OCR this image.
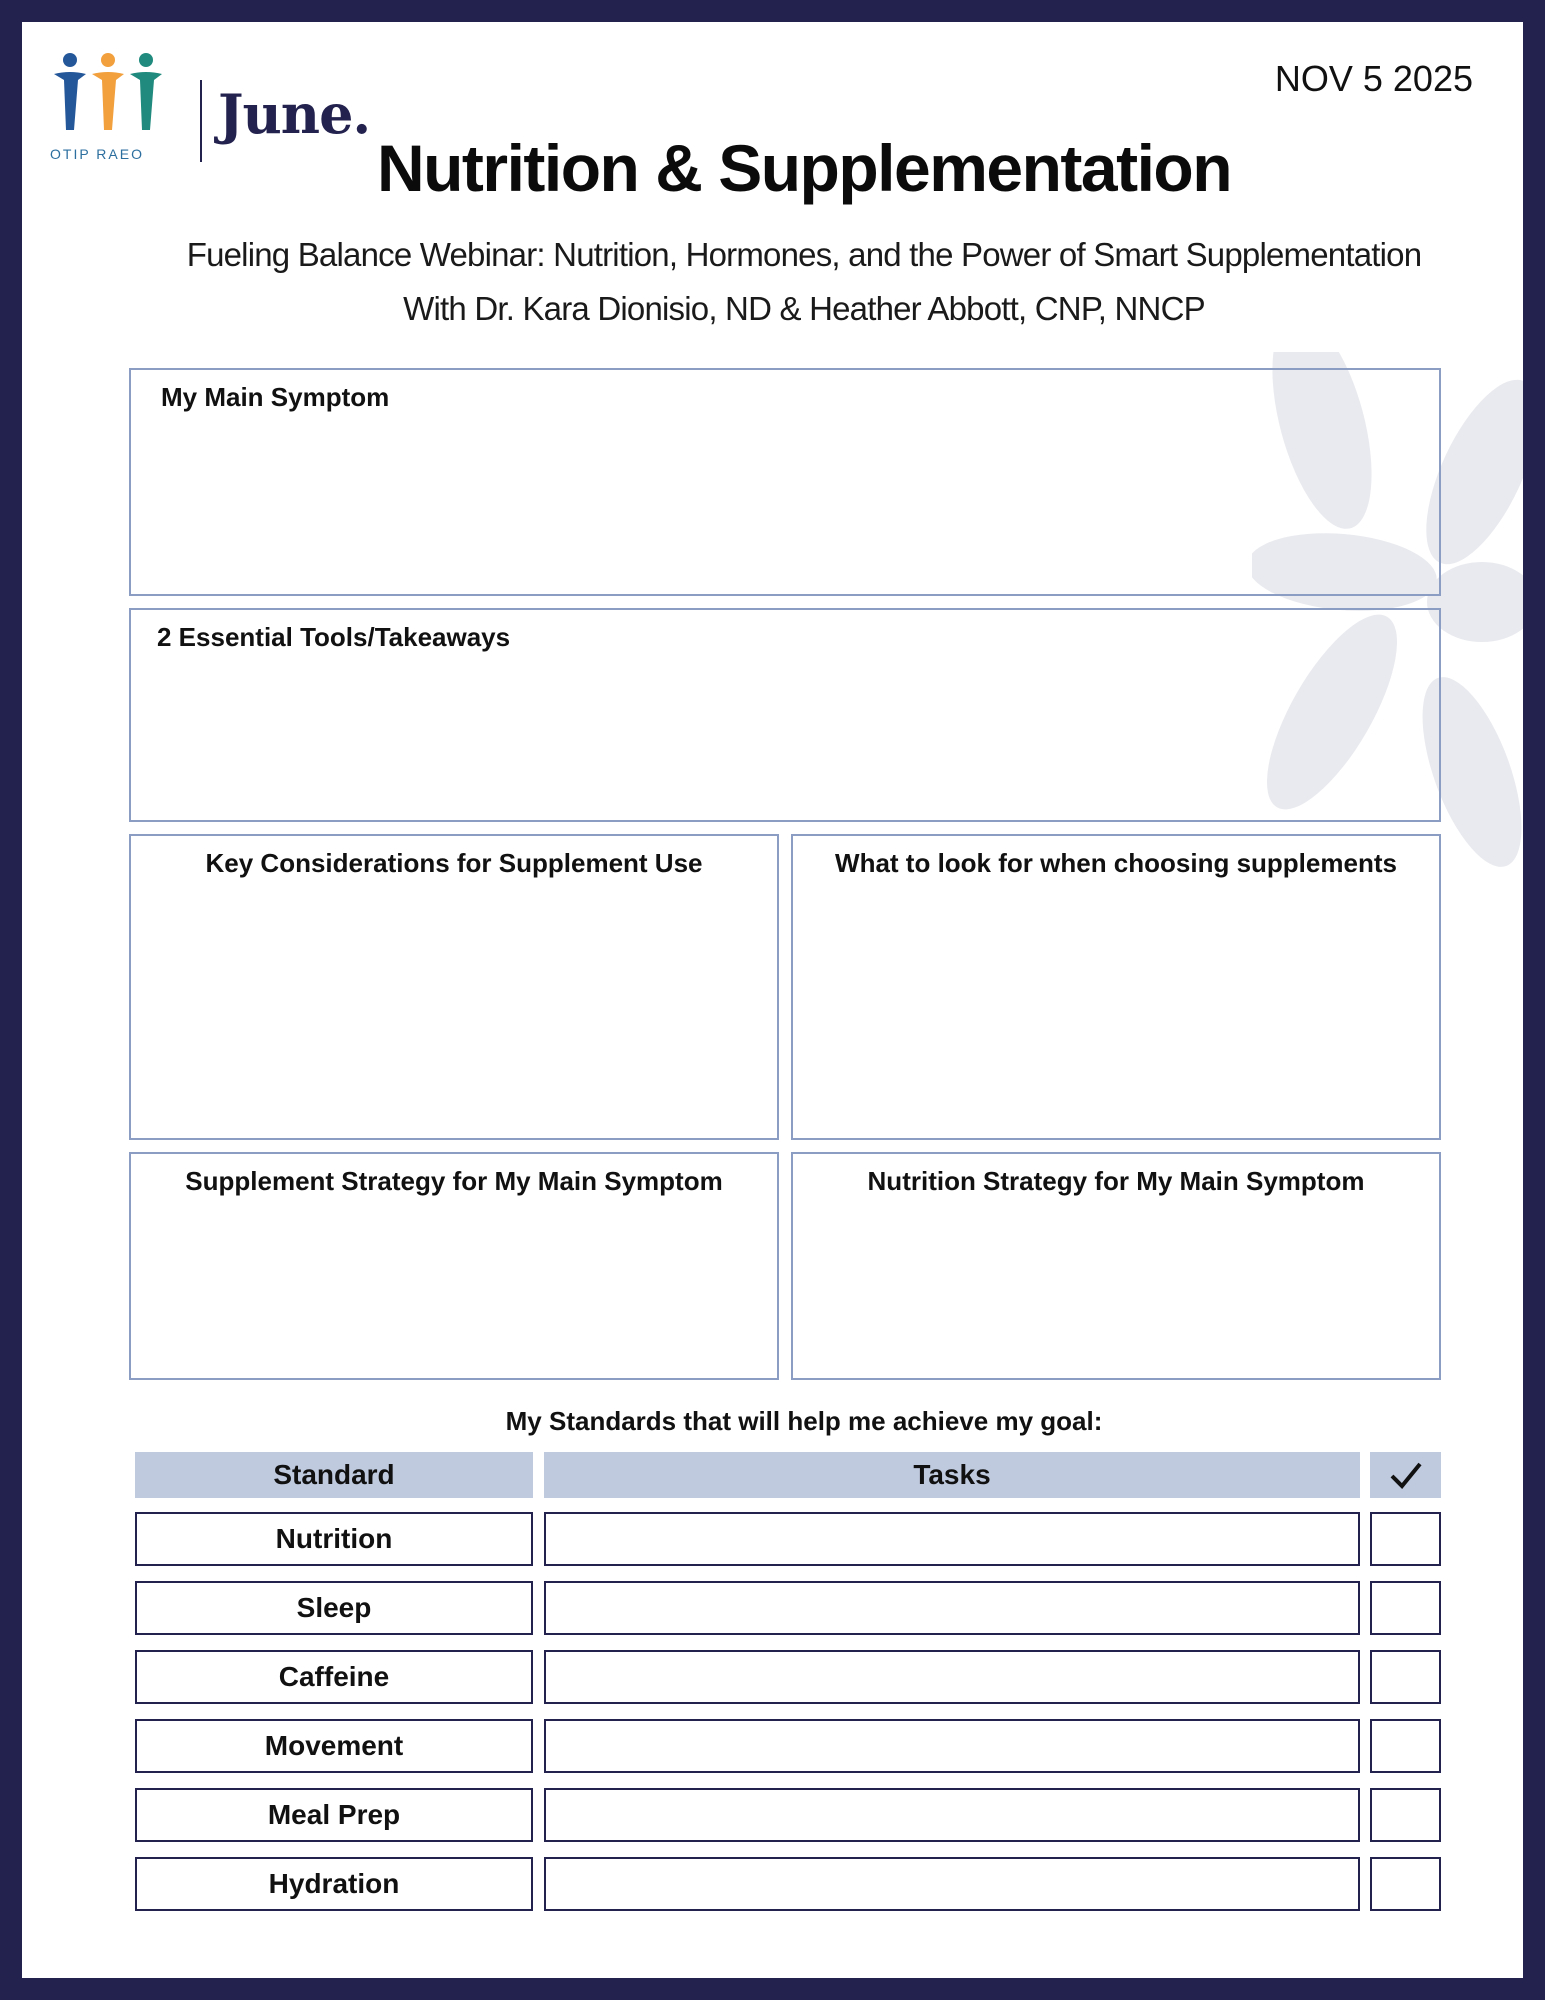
OTIP RAEO
June.
NOV 5 2025
Nutrition & Supplementation
Fueling Balance Webinar: Nutrition, Hormones, and the Power of Smart Supplementation
With Dr. Kara Dionisio, ND & Heather Abbott, CNP, NNCP
My Main Symptom
2 Essential Tools/Takeaways
Key Considerations for Supplement Use	What to look for when choosing supplements
Supplement Strategy for My Main Symptom	Nutrition Strategy for My Main Symptom
My Standards that will help me achieve my goal:
Standard	Tasks
Nutrition
Sleep
Caffeine
Movement
Meal Prep
Hydration
